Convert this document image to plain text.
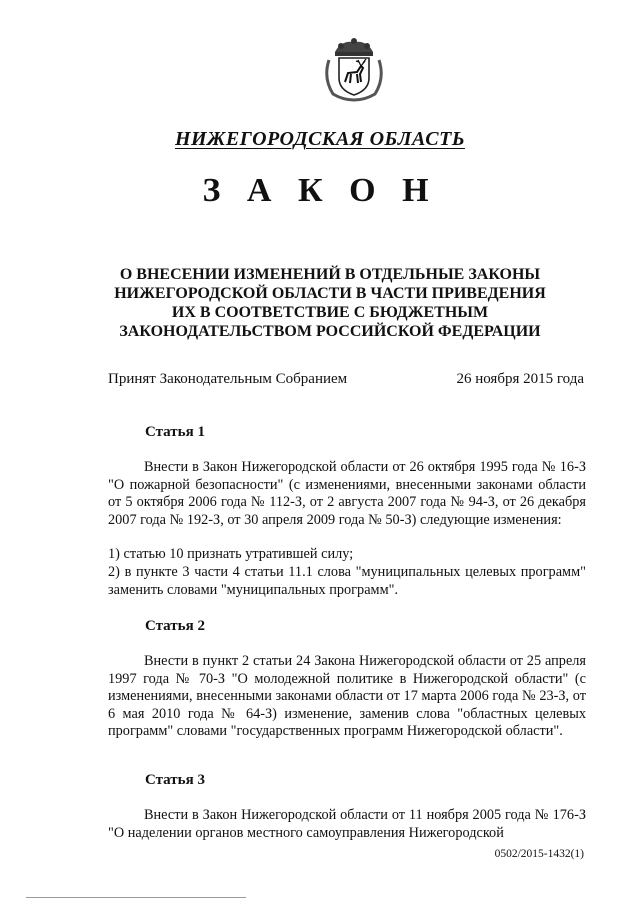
НИЖЕГОРОДСКАЯ ОБЛАСТЬ
З А К О Н
О ВНЕСЕНИИ ИЗМЕНЕНИЙ В ОТДЕЛЬНЫЕ ЗАКОНЫ НИЖЕГОРОДСКОЙ ОБЛАСТИ В ЧАСТИ ПРИВЕДЕНИЯ ИХ В СООТВЕТСТВИЕ С БЮДЖЕТНЫМ ЗАКОНОДАТЕЛЬСТВОМ РОССИЙСКОЙ ФЕДЕРАЦИИ
Принят Законодательным Собранием	26 ноября 2015 года
Статья 1
Внести в Закон Нижегородской области от 26 октября 1995 года № 16-З "О пожарной безопасности" (с изменениями, внесенными законами области от 5 октября 2006 года № 112-З, от 2 августа 2007 года № 94-З, от 26 декабря 2007 года № 192-З, от 30 апреля 2009 года № 50-З) следующие изменения:
1) статью 10 признать утратившей силу;
2) в пункте 3 части 4 статьи 11.1 слова "муниципальных целевых программ" заменить словами "муниципальных программ".
Статья 2
Внести в пункт 2 статьи 24 Закона Нижегородской области от 25 апреля 1997 года № 70-З "О молодежной политике в Нижегородской области" (с изменениями, внесенными законами области от 17 марта 2006 года № 23-З, от 6 мая 2010 года № 64-З) изменение, заменив слова "областных целевых программ" словами "государственных программ Нижегородской области".
Статья 3
Внести в Закон Нижегородской области от 11 ноября 2005 года № 176-З "О наделении органов местного самоуправления Нижегородской
0502/2015-1432(1)
